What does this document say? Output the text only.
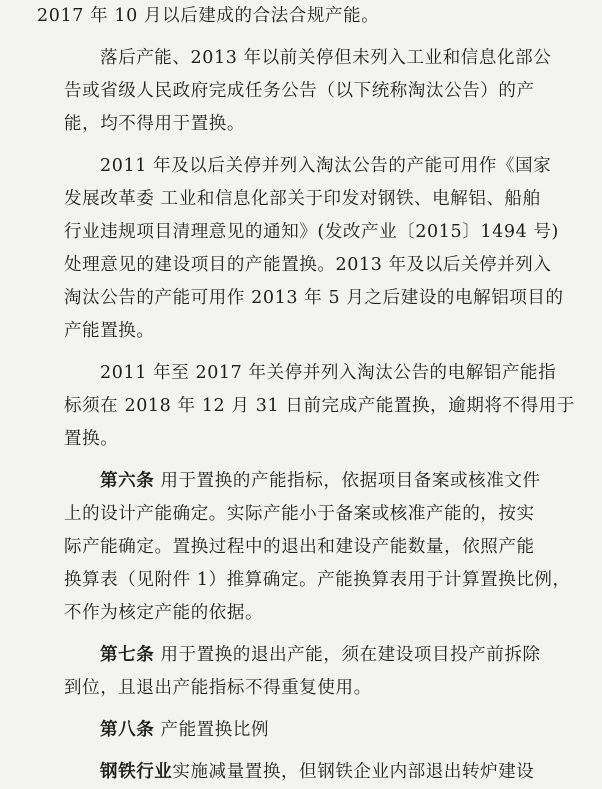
2017 年 10 月以后建成的合法合规产能。
落后产能、2013 年以前关停但未列入工业和信息化部公
告或省级人民政府完成任务公告（以下统称淘汰公告）的产
能，均不得用于置换。
2011 年及以后关停并列入淘汰公告的产能可用作《国家
发展改革委 工业和信息化部关于印发对钢铁、电解铝、船舶
行业违规项目清理意见的通知》(发改产业〔2015〕1494 号)
处理意见的建设项目的产能置换。2013 年及以后关停并列入
淘汰公告的产能可用作 2013 年 5 月之后建设的电解铝项目的
产能置换。
2011 年至 2017 年关停并列入淘汰公告的电解铝产能指
标须在 2018 年 12 月 31 日前完成产能置换，逾期将不得用于
置换。
第六条 用于置换的产能指标，依据项目备案或核准文件
上的设计产能确定。实际产能小于备案或核准产能的，按实
际产能确定。置换过程中的退出和建设产能数量，依照产能
换算表（见附件 1）推算确定。产能换算表用于计算置换比例，
不作为核定产能的依据。
第七条 用于置换的退出产能，须在建设项目投产前拆除
到位，且退出产能指标不得重复使用。
第八条 产能置换比例
钢铁行业实施减量置换，但钢铁企业内部退出转炉建设
